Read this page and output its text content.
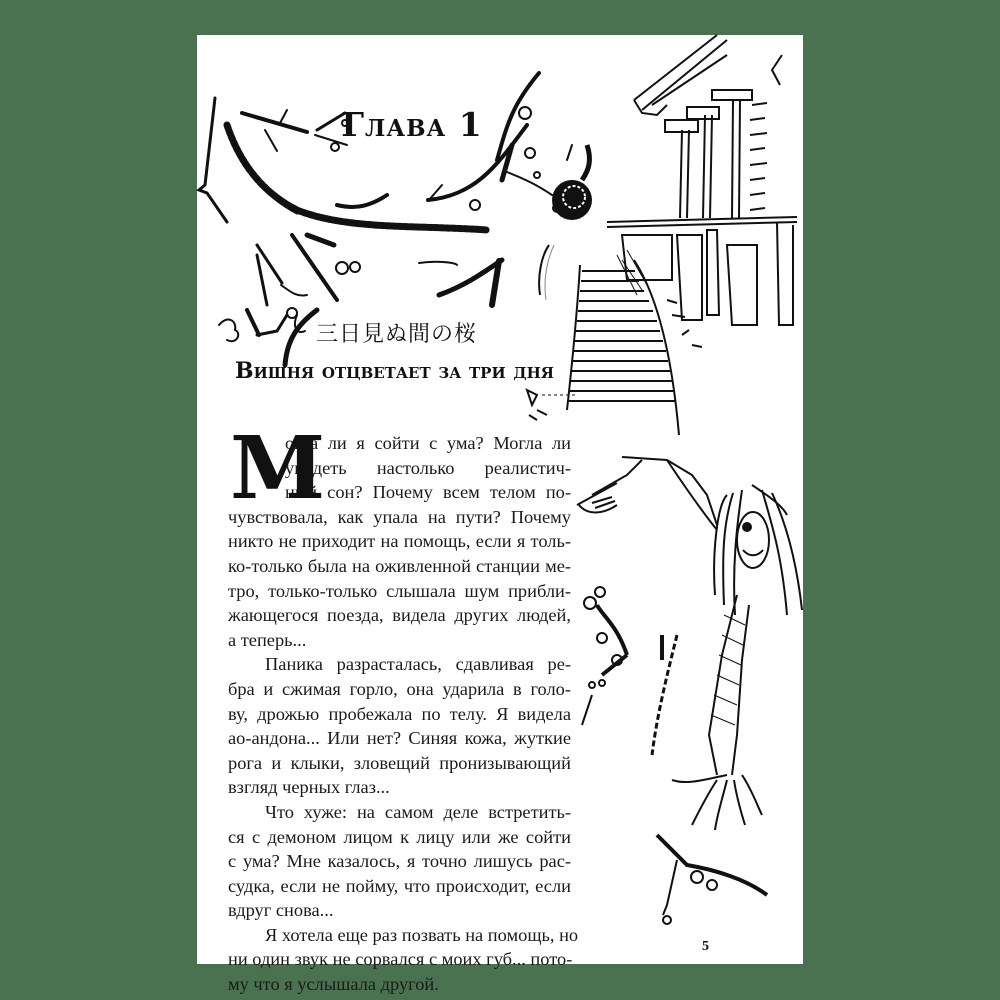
Глава 1
三日見ぬ間の桜
Вишня отцветает за три дня
М
огла ли я сойти с ума? Могла ли
увидеть настолько реалистич-
ный сон? Почему всем телом по-
чувствовала, как упала на пути? Почему
никто не приходит на помощь, если я толь-
ко-только была на оживленной станции ме-
тро, только-только слышала шум прибли-
жающегося поезда, видела других людей,
а теперь...
Паника разрасталась, сдавливая ре-
бра и сжимая горло, она ударила в голо-
ву, дрожью пробежала по телу. Я видела
ао-андона... Или нет? Синяя кожа, жуткие
рога и клыки, зловещий пронизывающий
взгляд черных глаз...
Что хуже: на самом деле встретить-
ся с демоном лицом к лицу или же сойти
с ума? Мне казалось, я точно лишусь рас-
судка, если не пойму, что происходит, если
вдруг снова...
Я хотела еще раз позвать на помощь, но
ни один звук не сорвался с моих губ... пото-
му что я услышала другой.
5
